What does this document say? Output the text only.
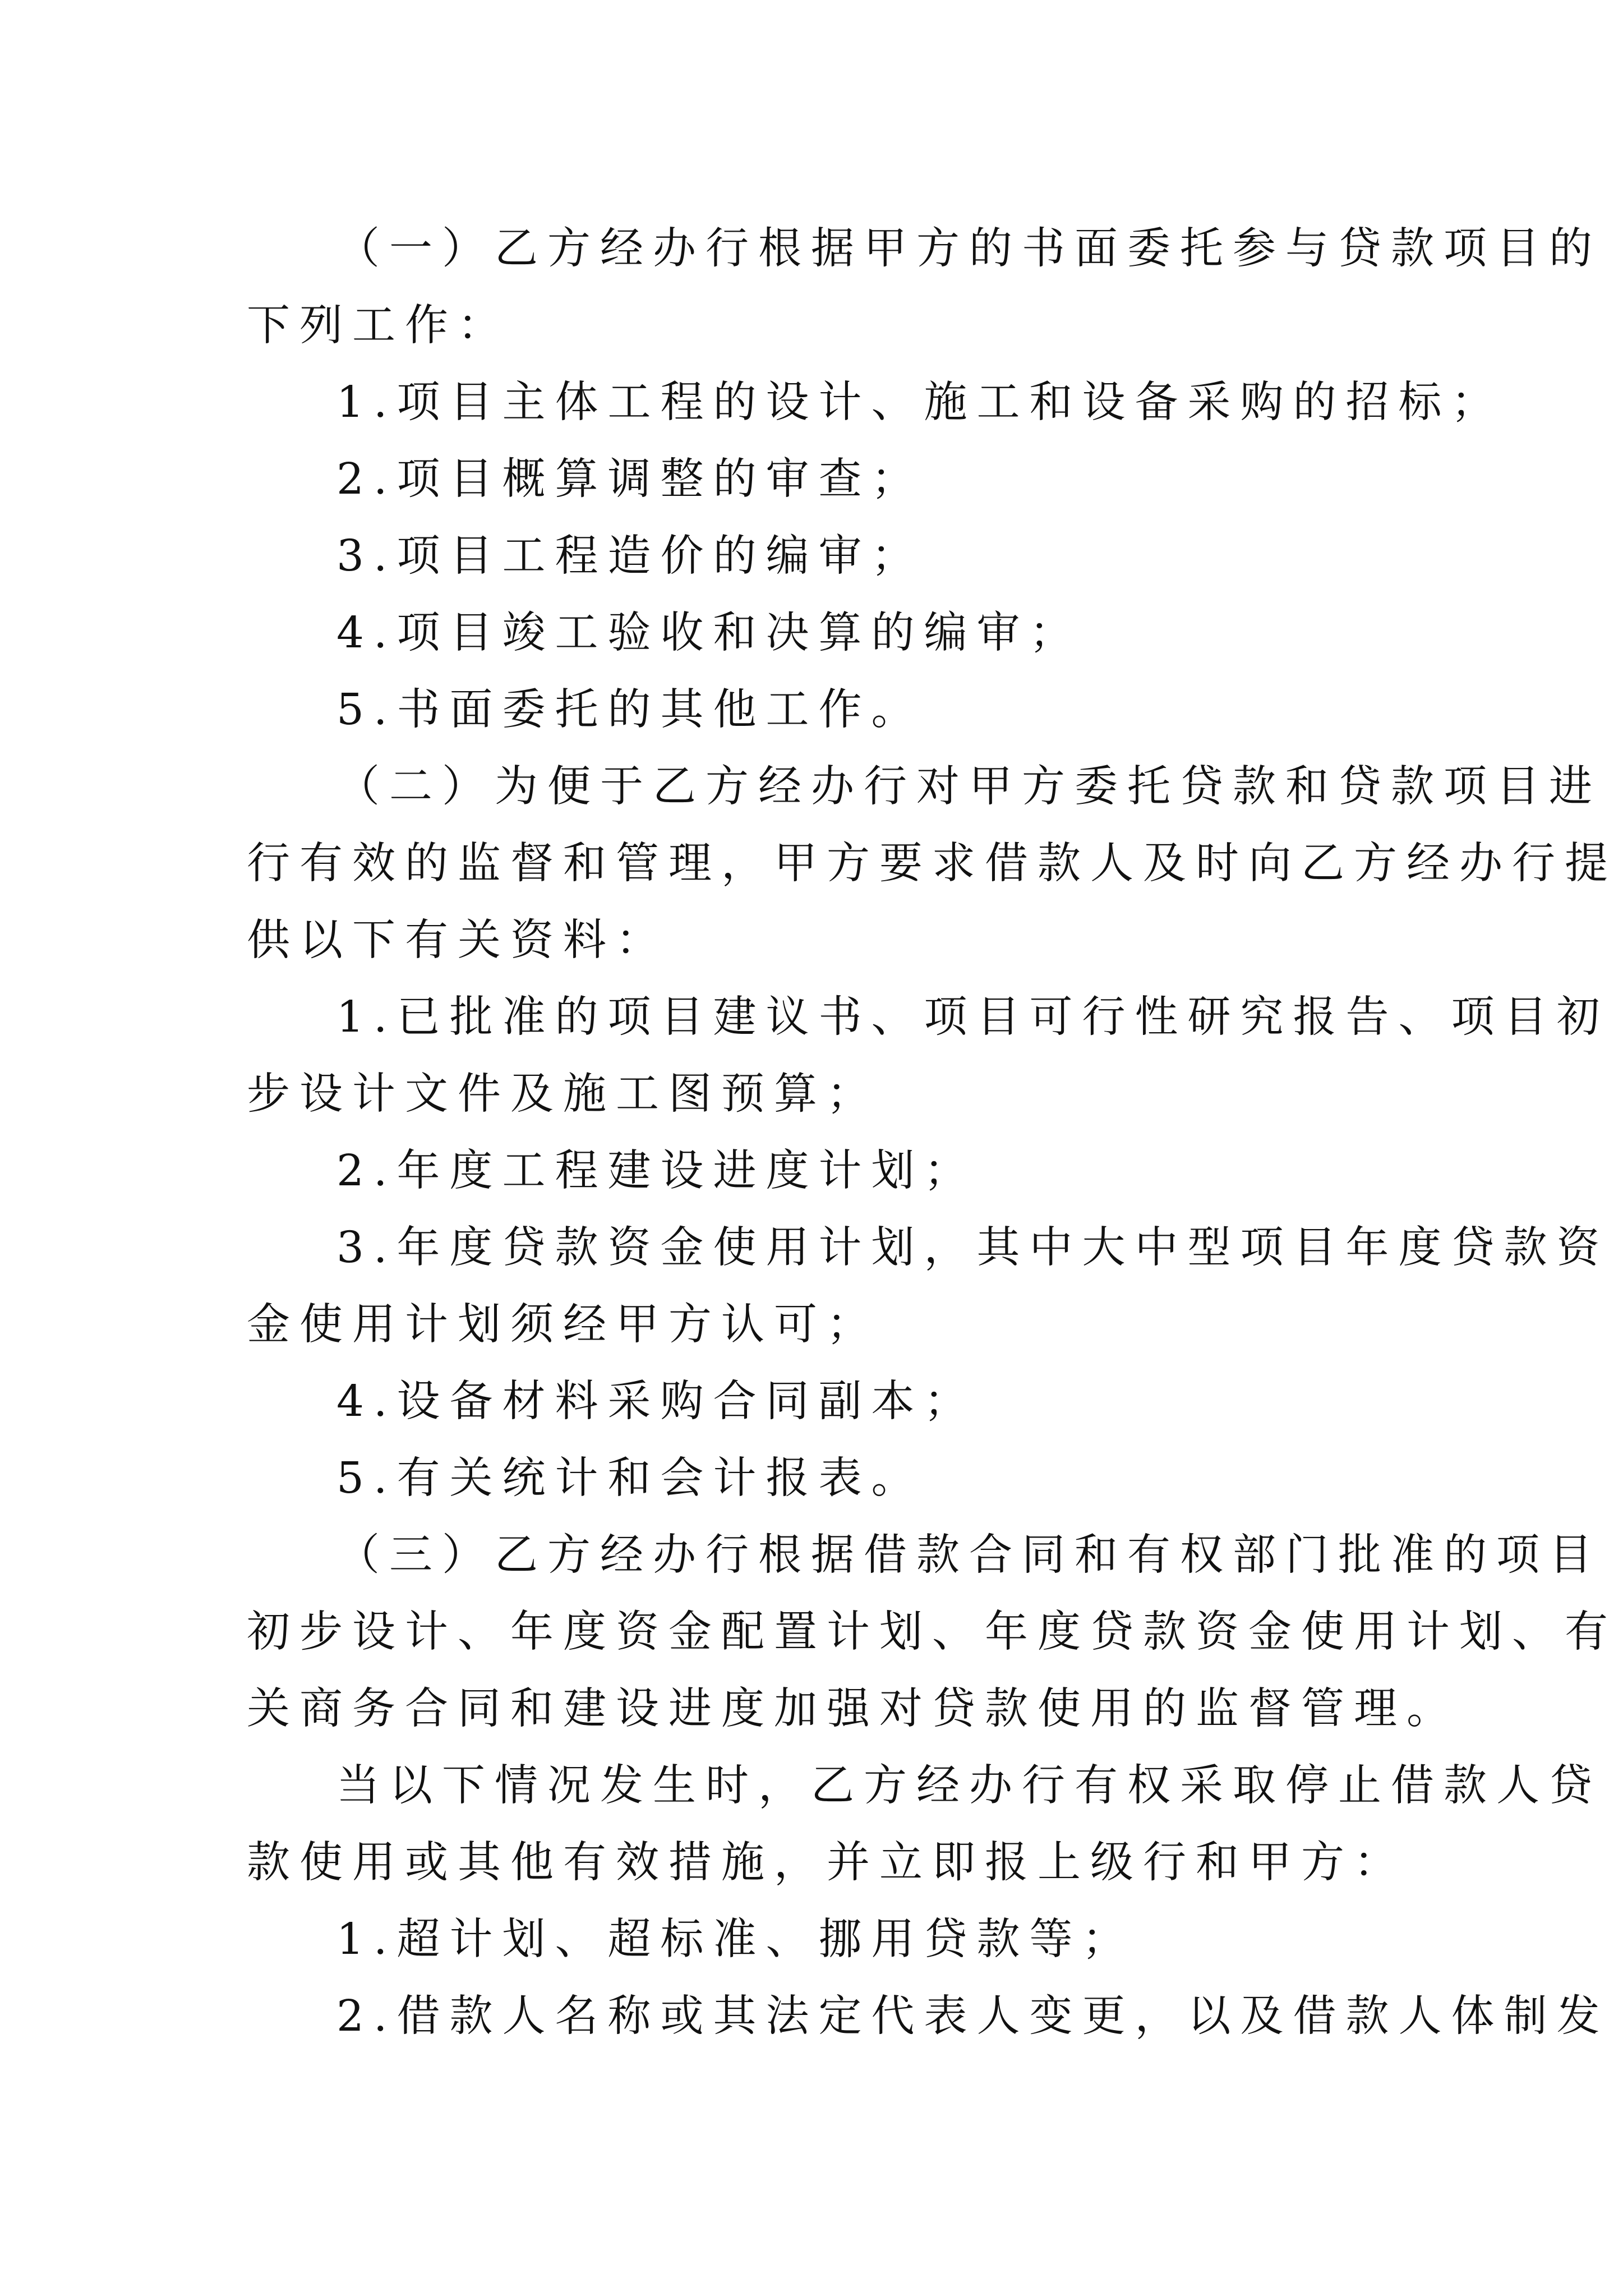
（一）乙方经办行根据甲方的书面委托参与贷款项目的
下列工作：
1.项目主体工程的设计、施工和设备采购的招标；
2.项目概算调整的审查；
3.项目工程造价的编审；
4.项目竣工验收和决算的编审；
5.书面委托的其他工作。
（二）为便于乙方经办行对甲方委托贷款和贷款项目进
行有效的监督和管理，甲方要求借款人及时向乙方经办行提
供以下有关资料：
1.已批准的项目建议书、项目可行性研究报告、项目初
步设计文件及施工图预算；
2.年度工程建设进度计划；
3.年度贷款资金使用计划，其中大中型项目年度贷款资
金使用计划须经甲方认可；
4.设备材料采购合同副本；
5.有关统计和会计报表。
（三）乙方经办行根据借款合同和有权部门批准的项目
初步设计、年度资金配置计划、年度贷款资金使用计划、有
关商务合同和建设进度加强对贷款使用的监督管理。
当以下情况发生时，乙方经办行有权采取停止借款人贷
款使用或其他有效措施，并立即报上级行和甲方：
1.超计划、超标准、挪用贷款等；
2.借款人名称或其法定代表人变更，以及借款人体制发
